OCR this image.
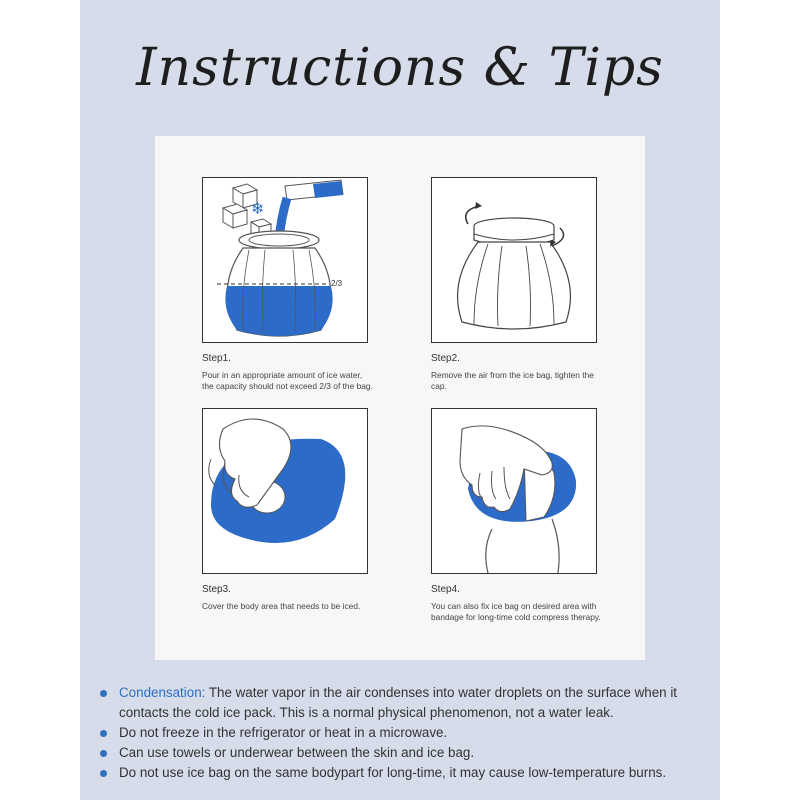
Instructions & Tips
❄
2/3
Step1.
Pour in an appropriate amount of ice water, the capacity should not exceed 2/3 of the bag.
Step2.
Remove the air from the ice bag, tighten the cap.
Step3.
Cover the body area that needs to be iced.
Step4.
You can also fix ice bag on desired area with bandage for long-time cold compress therapy.
Condensation: The water vapor in the air condenses into water droplets on the surface when it contacts the cold ice pack. This is a normal physical phenomenon, not a water leak.
Do not freeze in the refrigerator or heat in a microwave.
Can use towels or underwear between the skin and ice bag.
Do not use ice bag on the same bodypart for long-time, it may cause low-temperature burns.
